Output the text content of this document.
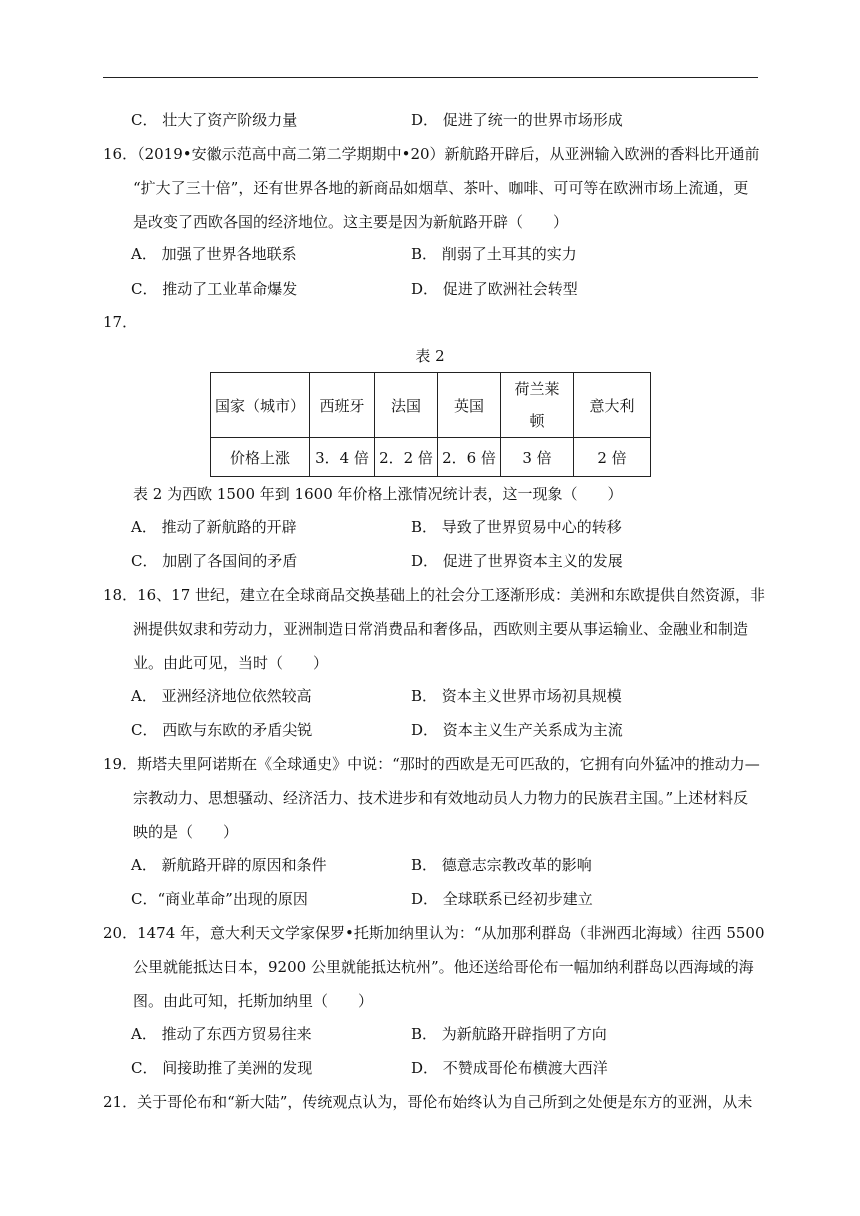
C． 壮大了资产阶级力量	D． 促进了统一的世界市场形成
16．（2019•安徽示范高中高二第二学期期中•20）新航路开辟后，从亚洲输入欧洲的香料比开通前
“扩大了三十倍”，还有世界各地的新商品如烟草、茶叶、咖啡、可可等在欧洲市场上流通，更
是改变了西欧各国的经济地位。这主要是因为新航路开辟（　　）
A． 加强了世界各地联系	B． 削弱了土耳其的实力
C． 推动了工业革命爆发	D． 促进了欧洲社会转型
17．
表 2
国家（城市）	西班牙	法国	英国	荷兰莱顿	意大利
价格上涨	3．4 倍	2．2 倍	2．6 倍	3 倍	2 倍
表 2 为西欧 1500 年到 1600 年价格上涨情况统计表，这一现象（　　）
A． 推动了新航路的开辟	B． 导致了世界贸易中心的转移
C． 加剧了各国间的矛盾	D． 促进了世界资本主义的发展
18．16、17 世纪，建立在全球商品交换基础上的社会分工逐渐形成：美洲和东欧提供自然资源，非
洲提供奴隶和劳动力，亚洲制造日常消费品和奢侈品，西欧则主要从事运输业、金融业和制造
业。由此可见，当时（　　）
A． 亚洲经济地位依然较高	B． 资本主义世界市场初具规模
C． 西欧与东欧的矛盾尖锐	D． 资本主义生产关系成为主流
19．斯塔夫里阿诺斯在《全球通史》中说：“那时的西欧是无可匹敌的，它拥有向外猛冲的推动力—
宗教动力、思想骚动、经济活力、技术进步和有效地动员人力物力的民族君主国。”上述材料反
映的是（　　）
A． 新航路开辟的原因和条件	B． 德意志宗教改革的影响
C．“商业革命”出现的原因	D． 全球联系已经初步建立
20．1474 年，意大利天文学家保罗•托斯加纳里认为：“从加那利群岛（非洲西北海域）往西 5500
公里就能抵达日本，9200 公里就能抵达杭州”。他还送给哥伦布一幅加纳利群岛以西海域的海
图。由此可知，托斯加纳里（　　）
A． 推动了东西方贸易往来	B． 为新航路开辟指明了方向
C． 间接助推了美洲的发现	D． 不赞成哥伦布横渡大西洋
21．关于哥伦布和“新大陆”，传统观点认为，哥伦布始终认为自己所到之处便是东方的亚洲，从未
